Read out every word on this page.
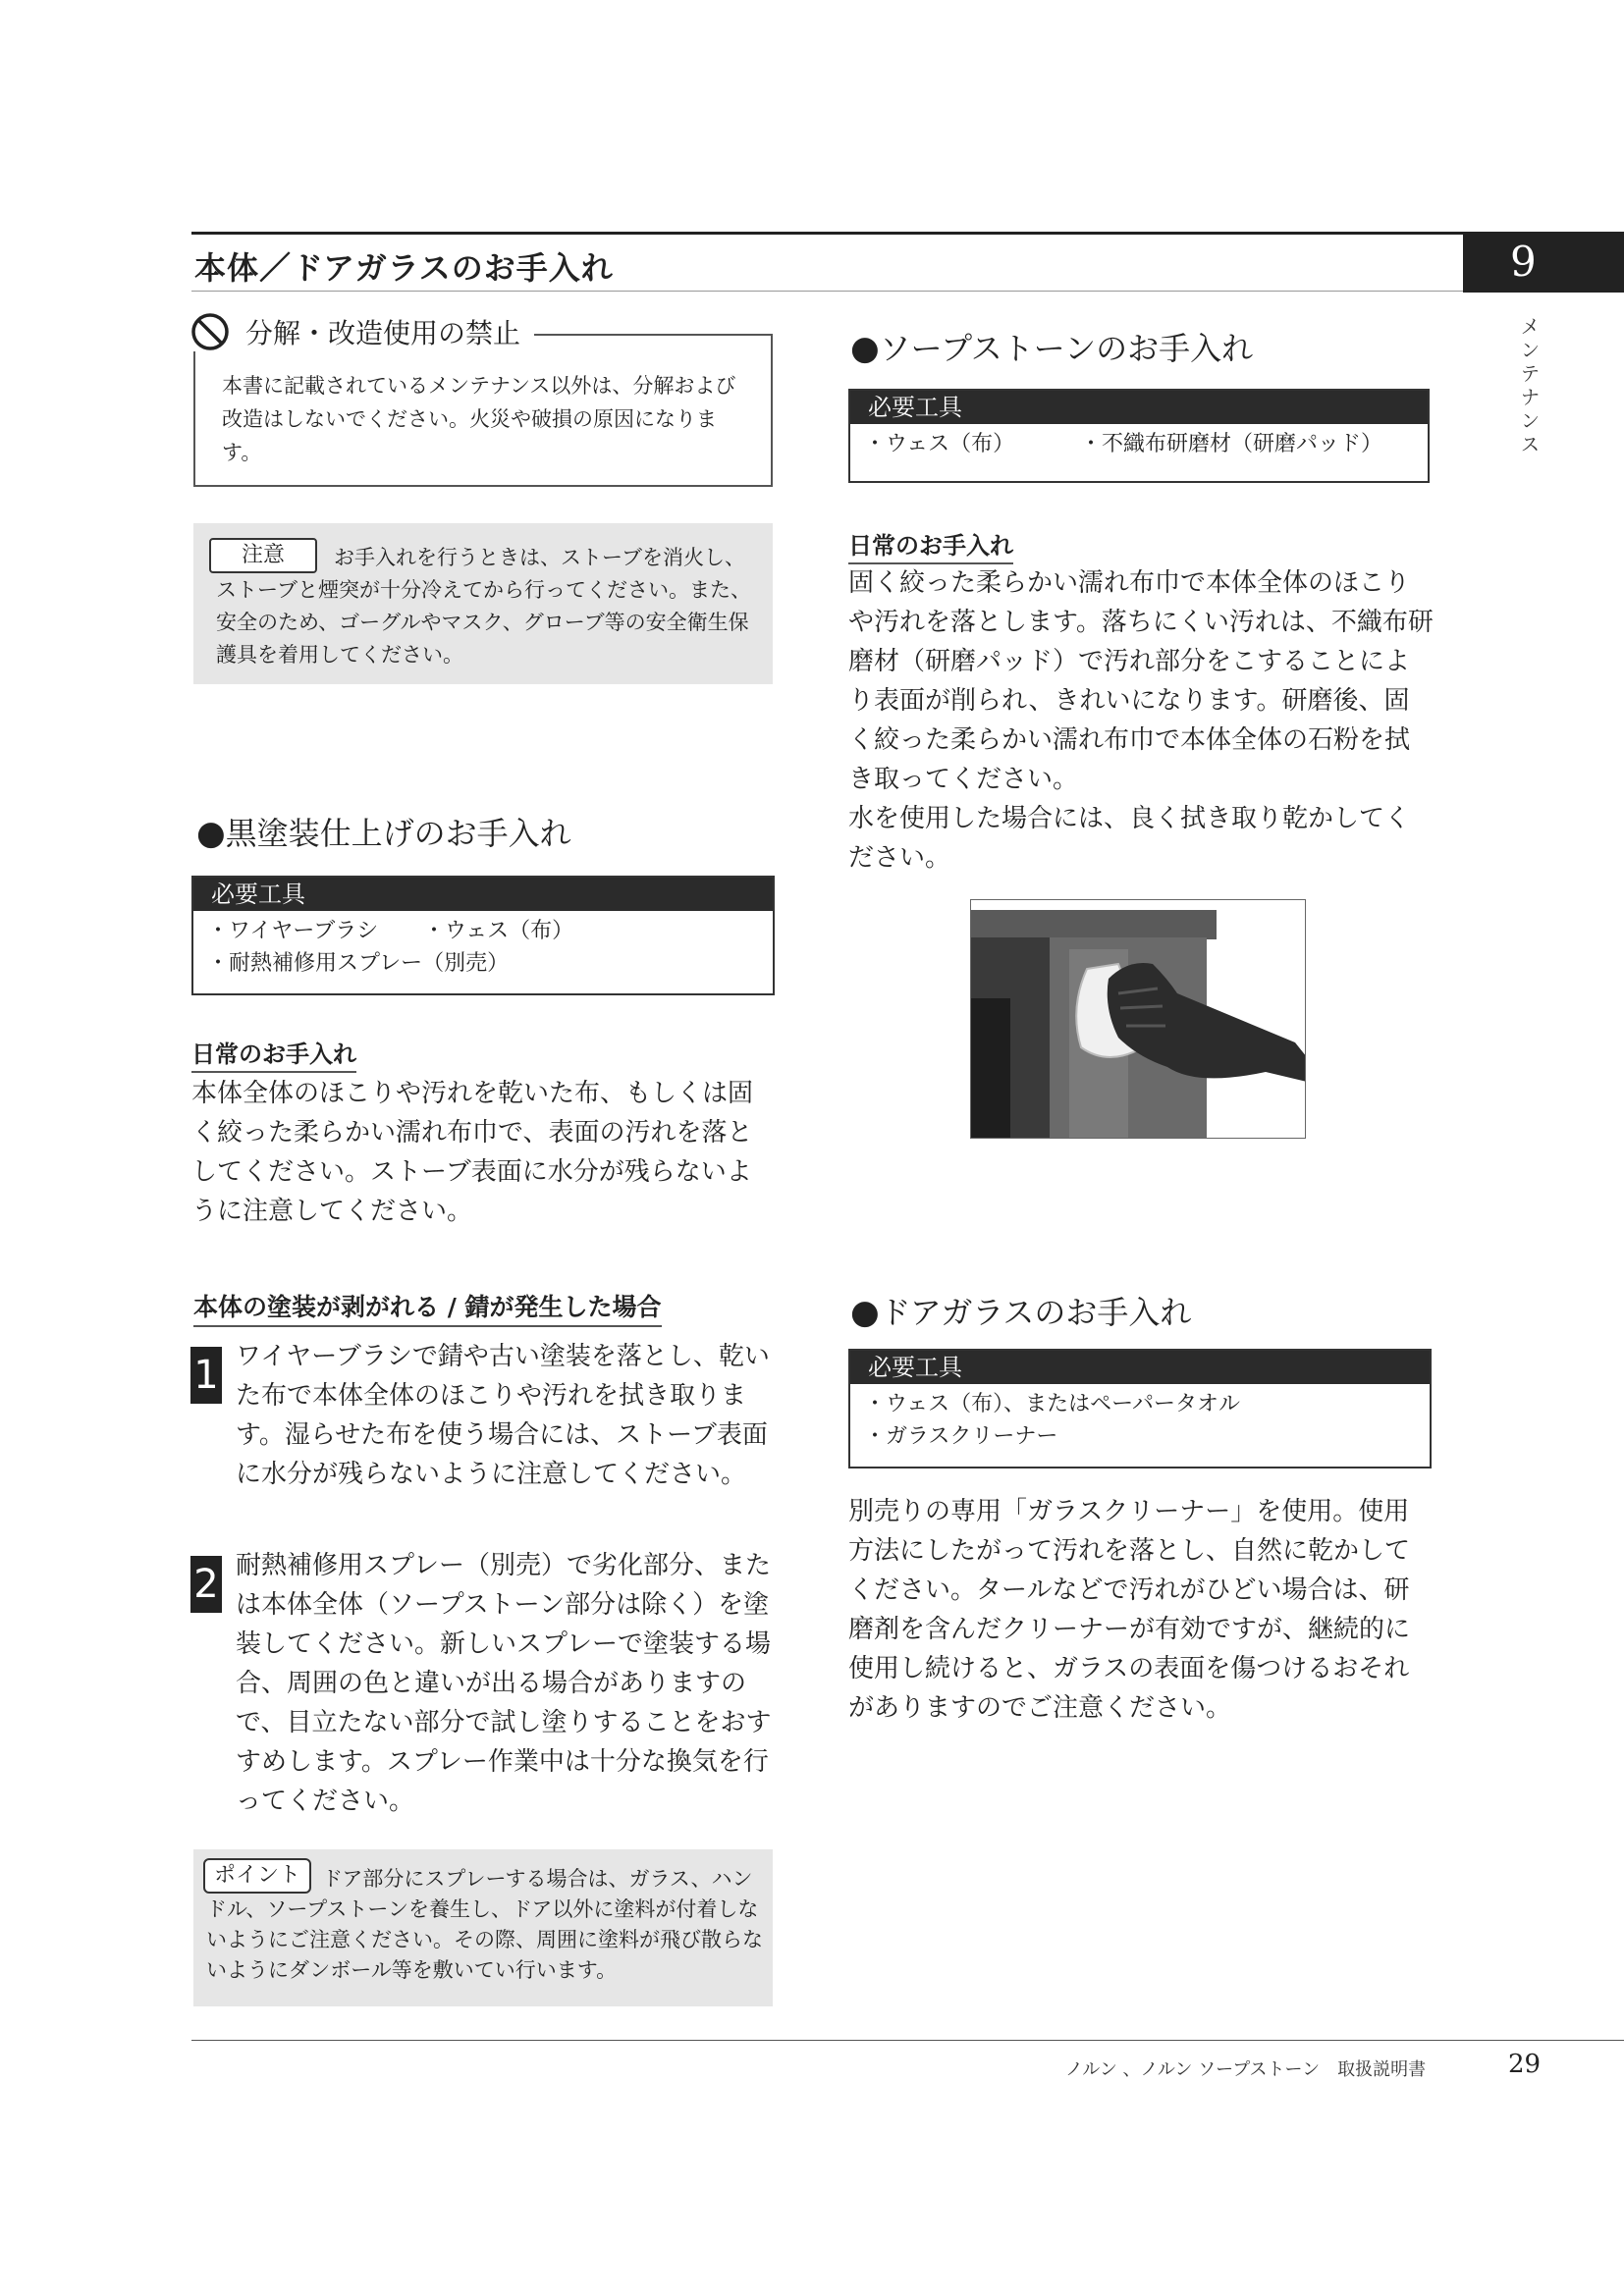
本体／ドアガラスのお手入れ	9
メンテナンス
分解・改造使用の禁止
本書に記載されているメンテナンス以外は、分解および改造はしないでください。火災や破損の原因になります。
お手入れを行うときは、ストーブを消火し、ストーブと煙突が十分冷えてから行ってください。また、安全のため、ゴーグルやマスク、グローブ等の安全衛生保護具を着用してください。
注意
●黒塗装仕上げのお手入れ
必要工具
・ワイヤーブラシ	・ウェス（布）
・耐熱補修用スプレー（別売）
日常のお手入れ
本体全体のほこりや汚れを乾いた布、もしくは固く絞った柔らかい濡れ布巾で、表面の汚れを落としてください。ストーブ表面に水分が残らないように注意してください。
本体の塗装が剥がれる / 錆が発生した場合
1 ワイヤーブラシで錆や古い塗装を落とし、乾いた布で本体全体のほこりや汚れを拭き取ります。湿らせた布を使う場合には、ストーブ表面に水分が残らないように注意してください。
2 耐熱補修用スプレー（別売）で劣化部分、または本体全体（ソープストーン部分は除く）を塗装してください。新しいスプレーで塗装する場合、周囲の色と違いが出る場合がありますので、目立たない部分で試し塗りすることをおすすめします。スプレー作業中は十分な換気を行ってください。
ドア部分にスプレーする場合は、ガラス、ハンドル、ソープストーンを養生し、ドア以外に塗料が付着しないようにご注意ください。その際、周囲に塗料が飛び散らないようにダンボール等を敷いてい行います。
ポイント
●ソープストーンのお手入れ
必要工具
・ウェス（布）	・不織布研磨材（研磨パッド）
日常のお手入れ
固く絞った柔らかい濡れ布巾で本体全体のほこりや汚れを落とします。落ちにくい汚れは、不織布研磨材（研磨パッド）で汚れ部分をこすることにより表面が削られ、きれいになります。研磨後、固く絞った柔らかい濡れ布巾で本体全体の石粉を拭き取ってください。
水を使用した場合には、良く拭き取り乾かしてください。
●ドアガラスのお手入れ
必要工具
・ウェス（布）、またはペーパータオル
・ガラスクリーナー
別売りの専用「ガラスクリーナー」を使用。使用方法にしたがって汚れを落とし、自然に乾かしてください。タールなどで汚れがひどい場合は、研磨剤を含んだクリーナーが有効ですが、継続的に使用し続けると、ガラスの表面を傷つけるおそれがありますのでご注意ください。
ノルン 、ノルン ソープストーン　取扱説明書	29
